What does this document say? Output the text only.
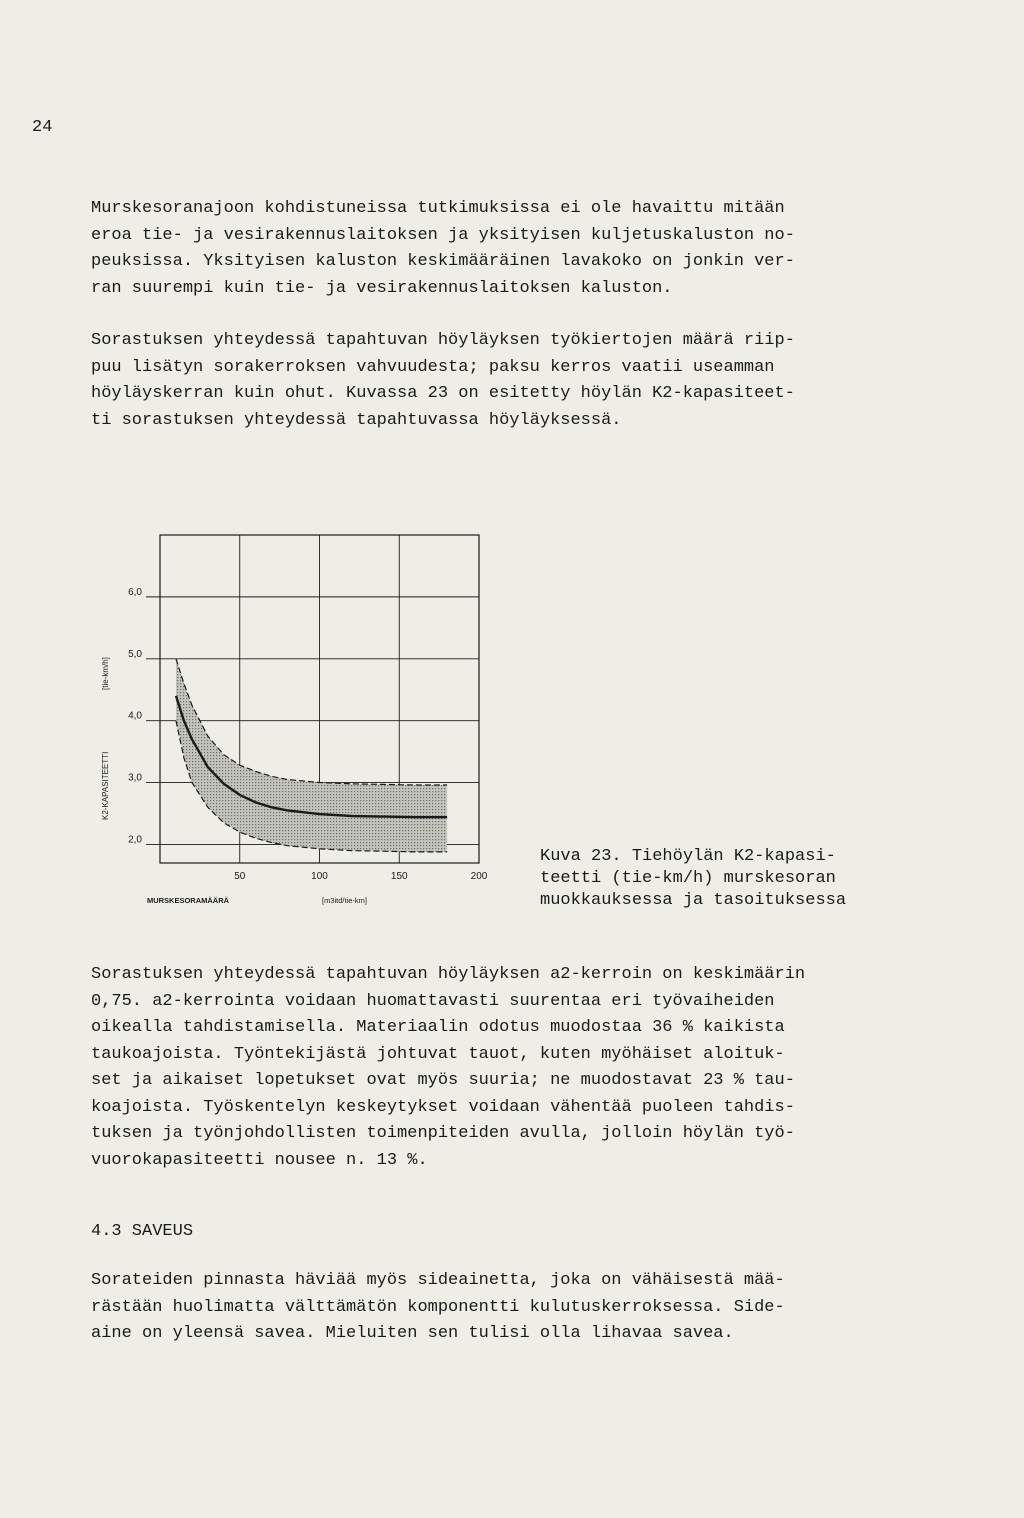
24
Murskesoranajoon kohdistuneissa tutkimuksissa ei ole havaittu mitään
eroa tie- ja vesirakennuslaitoksen ja yksityisen kuljetuskaluston no-
peuksissa. Yksityisen kaluston keskimääräinen lavakoko on jonkin ver-
ran suurempi kuin tie- ja vesirakennuslaitoksen kaluston.
Sorastuksen yhteydessä tapahtuvan höyläyksen työkiertojen määrä riip-
puu lisätyn sorakerroksen vahvuudesta; paksu kerros vaatii useamman
höyläyskerran kuin ohut. Kuvassa 23 on esitetty höylän K2-kapasiteet-
ti sorastuksen yhteydessä tapahtuvassa höyläyksessä.
2,0
3,0
4,0
5,0
6,0
50	100	150	200
K2-KAPASITEETTI
[tie-km/h]
MURSKESORAMÄÄRÄ	[m3itd/tie-km]
Kuva 23. Tiehöylän K2-kapasi-
teetti (tie-km/h) murskesoran
muokkauksessa ja tasoituksessa
Sorastuksen yhteydessä tapahtuvan höyläyksen a2-kerroin on keskimäärin
0,75. a2-kerrointa voidaan huomattavasti suurentaa eri työvaiheiden
oikealla tahdistamisella. Materiaalin odotus muodostaa 36 % kaikista
taukoajoista. Työntekijästä johtuvat tauot, kuten myöhäiset aloituk-
set ja aikaiset lopetukset ovat myös suuria; ne muodostavat 23 % tau-
koajoista. Työskentelyn keskeytykset voidaan vähentää puoleen tahdis-
tuksen ja työnjohdollisten toimenpiteiden avulla, jolloin höylän työ-
vuorokapasiteetti nousee n. 13 %.
4.3 SAVEUS
Sorateiden pinnasta häviää myös sideainetta, joka on vähäisestä mää-
rästään huolimatta välttämätön komponentti kulutuskerroksessa. Side-
aine on yleensä savea. Mieluiten sen tulisi olla lihavaa savea.
